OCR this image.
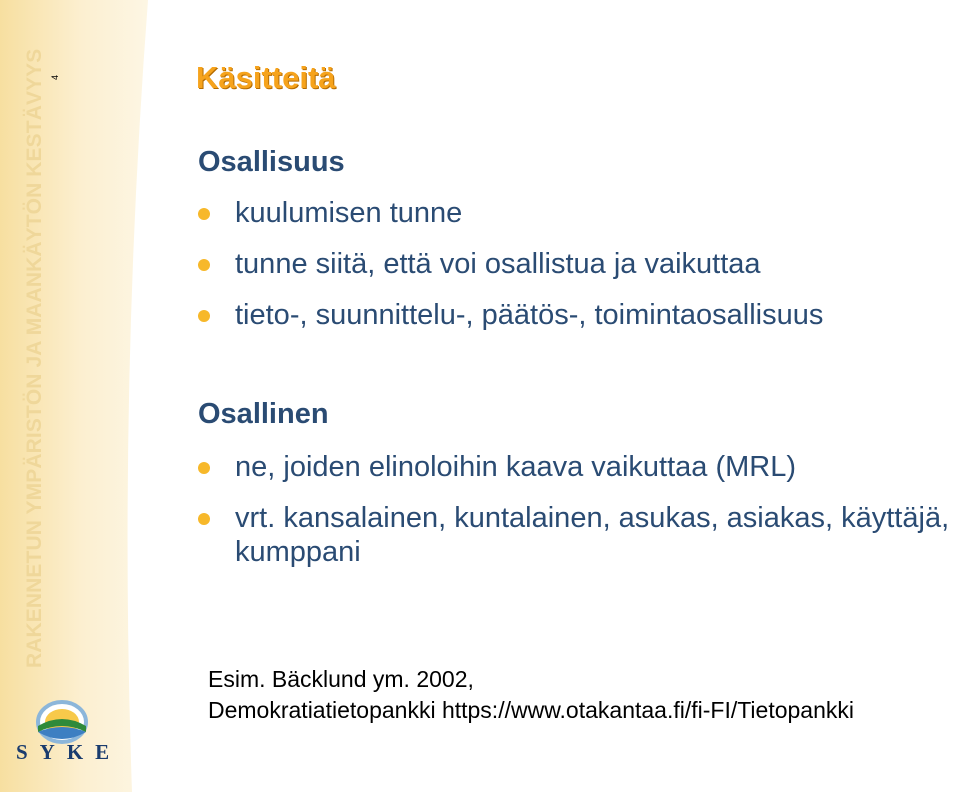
4
RAKENNETUN YMPÄRISTÖN JA MAANKÄYTÖN KESTÄVYYS
SYKE
Käsitteitä
Osallisuus
kuulumisen tunne
tunne siitä, että voi osallistua ja vaikuttaa
tieto-, suunnittelu-, päätös-, toimintaosallisuus
Osallinen
ne, joiden elinoloihin kaava vaikuttaa (MRL)
vrt. kansalainen, kuntalainen, asukas, asiakas, käyttäjä, kumppani

Esim. Bäcklund ym. 2002,
Demokratiatietopankki https://www.otakantaa.fi/fi-FI/Tietopankki
